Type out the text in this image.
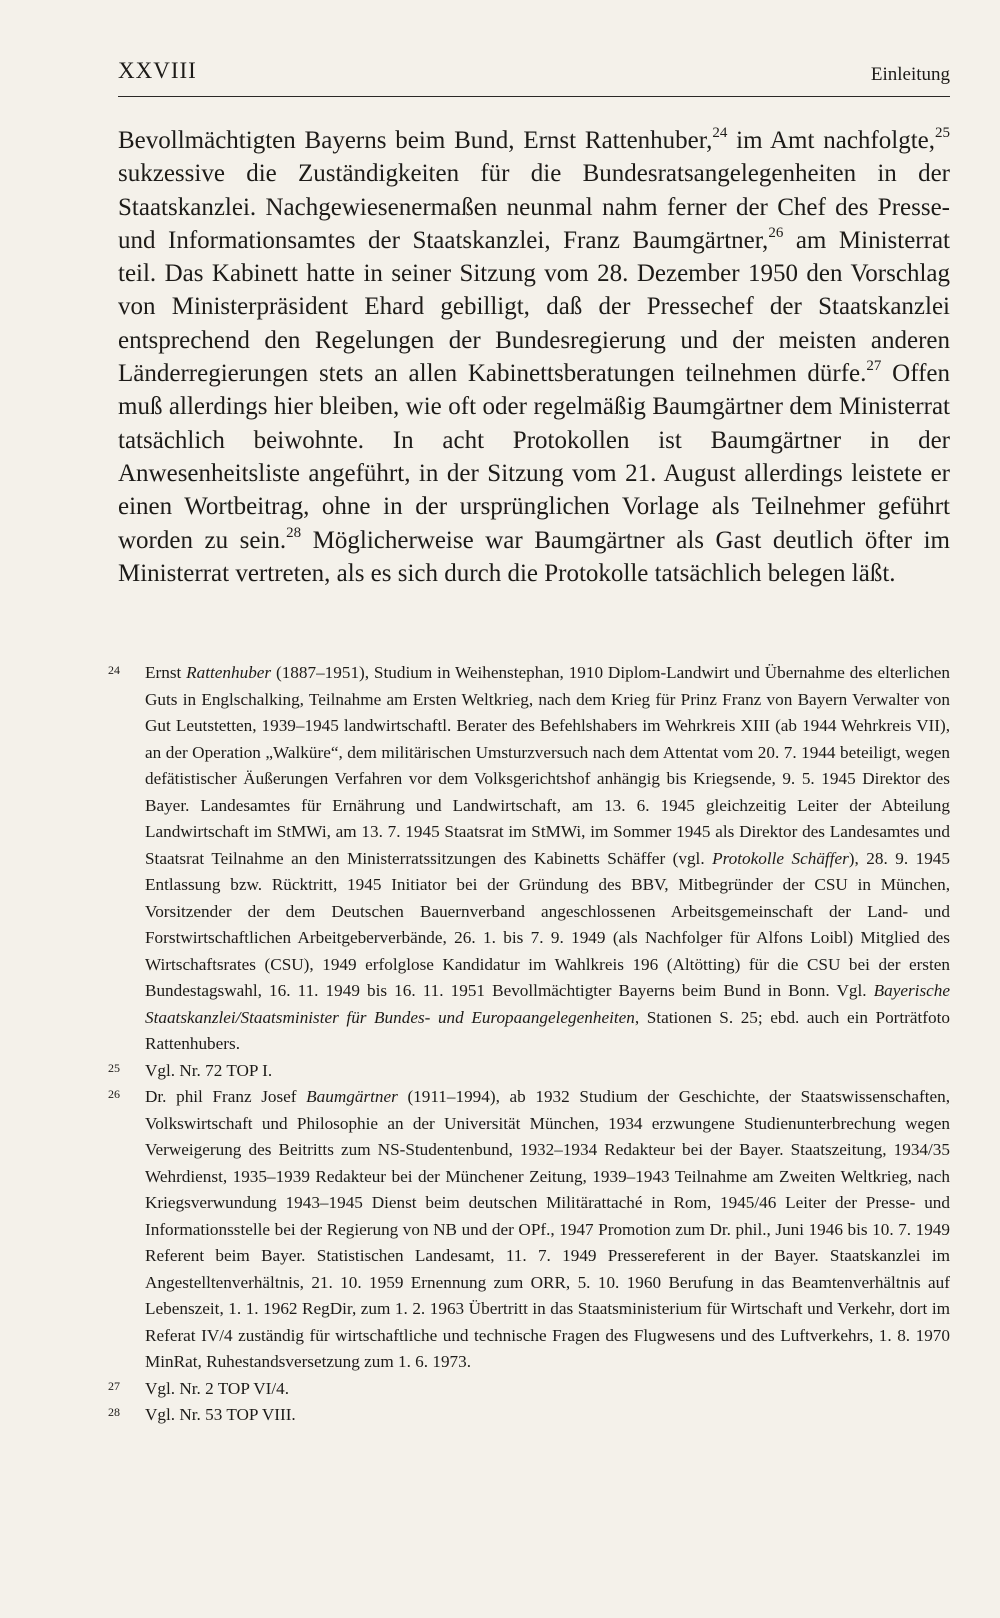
XXVIII	Einleitung

Bevollmächtigten Bayerns beim Bund, Ernst Rattenhuber,$^{24}$ im Amt nachfolgte,$^{25}$ sukzessive die Zuständigkeiten für die Bundesratsangelegenheiten in der Staatskanzlei. Nachgewiesenermaßen neunmal nahm ferner der Chef des Presse- und Informationsamtes der Staatskanzlei, Franz Baumgärtner,$^{26}$ am Ministerrat teil. Das Kabinett hatte in seiner Sitzung vom 28. Dezember 1950 den Vorschlag von Ministerpräsident Ehard gebilligt, daß der Pressechef der Staatskanzlei entsprechend den Regelungen der Bundesregierung und der meisten anderen Länderregierungen stets an allen Kabinettsberatungen teilnehmen dürfe.$^{27}$ Offen muß allerdings hier bleiben, wie oft oder regelmäßig Baumgärtner dem Ministerrat tatsächlich beiwohnte. In acht Protokollen ist Baumgärtner in der Anwesenheitsliste angeführt, in der Sitzung vom 21. August allerdings leistete er einen Wortbeitrag, ohne in der ursprünglichen Vorlage als Teilnehmer geführt worden zu sein.$^{28}$ Möglicherweise war Baumgärtner als Gast deutlich öfter im Ministerrat vertreten, als es sich durch die Protokolle tatsächlich belegen läßt.

24 Ernst Rattenhuber (1887–1951), Studium in Weihenstephan, 1910 Diplom-Landwirt und Übernahme des elterlichen Guts in Englschalking, Teilnahme am Ersten Weltkrieg, nach dem Krieg für Prinz Franz von Bayern Verwalter von Gut Leutstetten, 1939–1945 landwirtschaftl. Berater des Befehlshabers im Wehrkreis XIII (ab 1944 Wehrkreis VII), an der Operation „Walküre“, dem militärischen Umsturzversuch nach dem Attentat vom 20. 7. 1944 beteiligt, wegen defätistischer Äußerungen Verfahren vor dem Volksgerichtshof anhängig bis Kriegsende, 9. 5. 1945 Direktor des Bayer. Landesamtes für Ernährung und Landwirtschaft, am 13. 6. 1945 gleichzeitig Leiter der Abteilung Landwirtschaft im StMWi, am 13. 7. 1945 Staatsrat im StMWi, im Sommer 1945 als Direktor des Landesamtes und Staatsrat Teilnahme an den Ministerratssitzungen des Kabinetts Schäffer (vgl. Protokolle Schäffer), 28. 9. 1945 Entlassung bzw. Rücktritt, 1945 Initiator bei der Gründung des BBV, Mitbegründer der CSU in München, Vorsitzender der dem Deutschen Bauernverband angeschlossenen Arbeitsgemeinschaft der Land- und Forstwirtschaftlichen Arbeitgeberverbände, 26. 1. bis 7. 9. 1949 (als Nachfolger für Alfons Loibl) Mitglied des Wirtschaftsrates (CSU), 1949 erfolglose Kandidatur im Wahlkreis 196 (Altötting) für die CSU bei der ersten Bundestagswahl, 16. 11. 1949 bis 16. 11. 1951 Bevollmächtigter Bayerns beim Bund in Bonn. Vgl. Bayerische Staatskanzlei/Staatsminister für Bundes- und Europaangelegenheiten, Stationen S. 25; ebd. auch ein Porträtfoto Rattenhubers.
25 Vgl. Nr. 72 TOP I.
26 Dr. phil Franz Josef Baumgärtner (1911–1994), ab 1932 Studium der Geschichte, der Staatswissenschaften, Volkswirtschaft und Philosophie an der Universität München, 1934 erzwungene Studienunterbrechung wegen Verweigerung des Beitritts zum NS-Studentenbund, 1932–1934 Redakteur bei der Bayer. Staatszeitung, 1934/35 Wehrdienst, 1935–1939 Redakteur bei der Münchener Zeitung, 1939–1943 Teilnahme am Zweiten Weltkrieg, nach Kriegsverwundung 1943–1945 Dienst beim deutschen Militärattaché in Rom, 1945/46 Leiter der Presse- und Informationsstelle bei der Regierung von NB und der OPf., 1947 Promotion zum Dr. phil., Juni 1946 bis 10. 7. 1949 Referent beim Bayer. Statistischen Landesamt, 11. 7. 1949 Pressereferent in der Bayer. Staatskanzlei im Angestelltenverhältnis, 21. 10. 1959 Ernennung zum ORR, 5. 10. 1960 Berufung in das Beamtenverhältnis auf Lebenszeit, 1. 1. 1962 RegDir, zum 1. 2. 1963 Übertritt in das Staatsministerium für Wirtschaft und Verkehr, dort im Referat IV/4 zuständig für wirtschaftliche und technische Fragen des Flugwesens und des Luftverkehrs, 1. 8. 1970 MinRat, Ruhestandsversetzung zum 1. 6. 1973.
27 Vgl. Nr. 2 TOP VI/4.
28 Vgl. Nr. 53 TOP VIII.
